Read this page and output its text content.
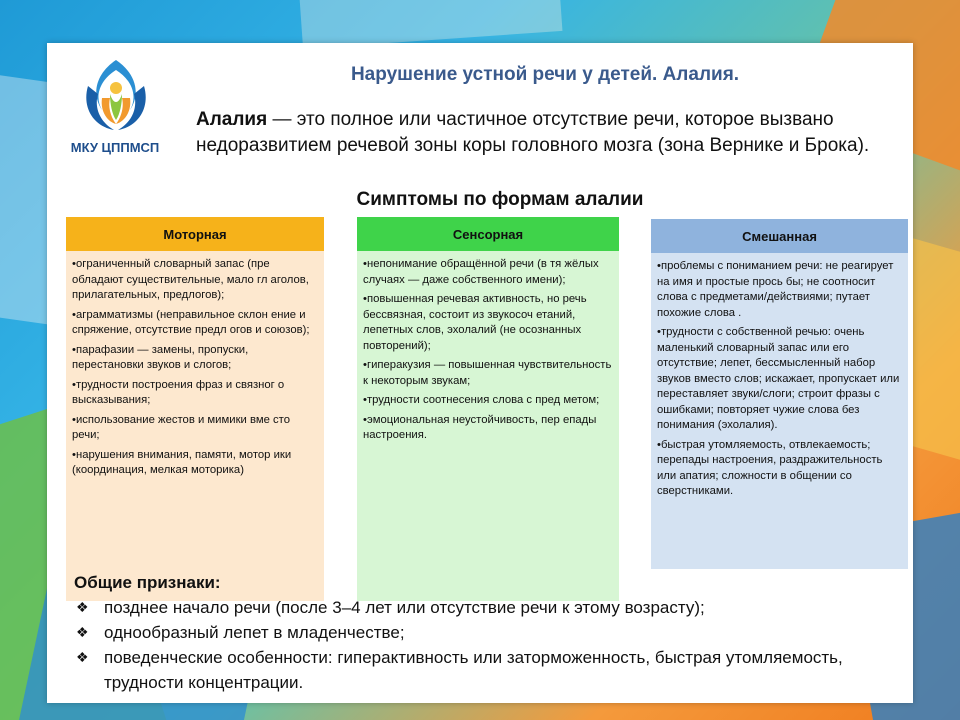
МКУ ЦППМСП
Нарушение устной речи у детей. Алалия.
Алалия — это полное или частичное отсутствие речи, которое вызвано недоразвитием речевой зоны коры головного мозга (зона Вернике и Брока).
Симптомы по формам алалии
Моторная
•ограниченный словарный запас (пре обладают существительные, мало гл аголов, прилагательных, предлогов);
•аграмматизмы (неправильное склон ение и спряжение, отсутствие предл огов и союзов);
•парафазии — замены, пропуски, перестановки звуков и слогов;
•трудности построения фраз и связног о высказывания;
•использование жестов и мимики вме сто речи;
•нарушения внимания, памяти, мотор ики (координация, мелкая моторика)
Сенсорная
•непонимание обращённой речи (в тя жёлых случаях — даже собственного имени);
•повышенная речевая активность, но речь бессвязная, состоит из звукосоч етаний, лепетных слов, эхолалий (не осознанных повторений);
•гиперакузия — повышенная чувствительность к некоторым звукам;
•трудности соотнесения слова с пред метом;
•эмоциональная неустойчивость, пер епады настроения.
Смешанная
•проблемы с пониманием речи: не реагирует на имя и простые прось бы; не соотносит слова с предметами/действиями; путает похожие слова .
•трудности с собственной речью: очень маленький словарный запас или его отсутствие; лепет, бессмысленный набор звуков вместо слов; искажает, пропускает или переставляет звуки/слоги; строит фразы с ошибками; повторяет чужие слова без понимания (эхолалия).
•быстрая утомляемость, отвлекаемость; перепады настроения, раздражительность или апатия; сложности в общении со сверстниками.
Общие признаки:
❖ позднее начало речи (после 3–4 лет или отсутствие речи к этому возрасту);
❖ однообразный лепет в младенчестве;
❖ поведенческие особенности: гиперактивность или заторможенность, быстрая утомляемость, трудности концентрации.
